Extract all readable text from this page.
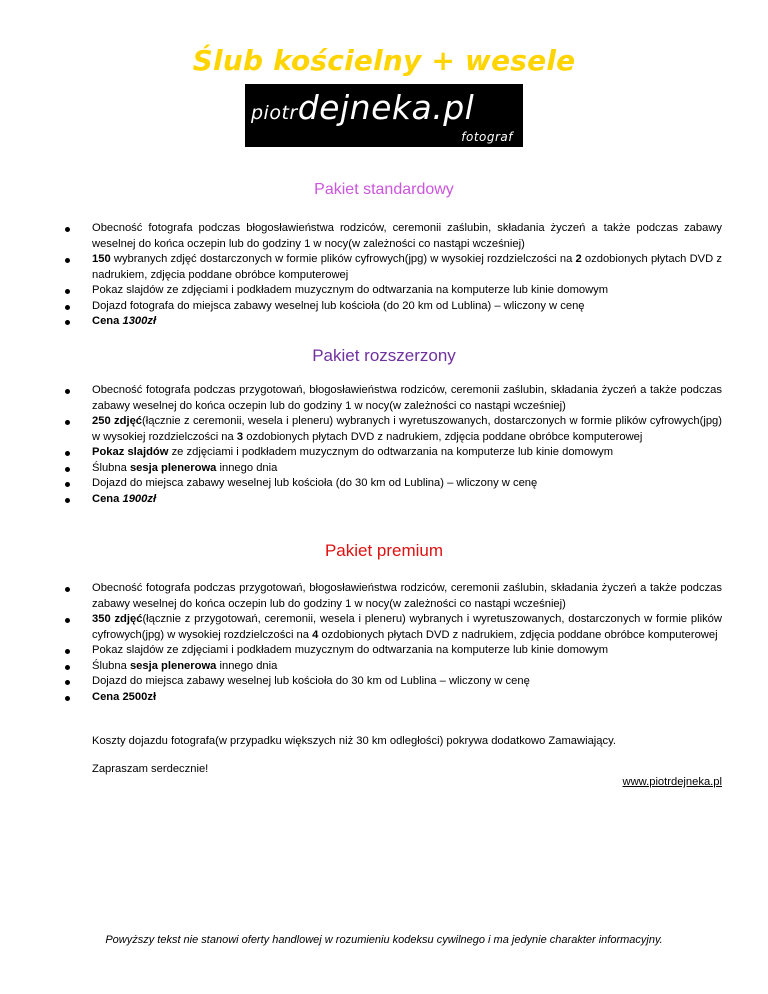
Ślub kościelny + wesele
piotrdejneka.pl
fotograf
Pakiet standardowy
Obecność fotografa podczas błogosławieństwa rodziców, ceremonii zaślubin, składania życzeń a także podczas zabawy weselnej do końca oczepin lub do godziny 1 w nocy(w zależności co nastąpi wcześniej)
150 wybranych zdjęć dostarczonych w formie plików cyfrowych(jpg) w wysokiej rozdzielczości na 2 ozdobionych płytach DVD z nadrukiem, zdjęcia poddane obróbce komputerowej
Pokaz slajdów ze zdjęciami i podkładem muzycznym do odtwarzania na komputerze lub kinie domowym
Dojazd fotografa do miejsca zabawy weselnej lub kościoła (do 20 km od Lublina) – wliczony w cenę
Cena 1300zł
Pakiet rozszerzony
Obecność fotografa podczas przygotowań, błogosławieństwa rodziców, ceremonii zaślubin, składania życzeń a także podczas zabawy weselnej do końca oczepin lub do godziny 1 w nocy(w zależności co nastąpi wcześniej)
250 zdjęć(łącznie z ceremonii, wesela i pleneru) wybranych i wyretuszowanych, dostarczonych w formie plików cyfrowych(jpg) w wysokiej rozdzielczości na 3 ozdobionych płytach DVD z nadrukiem, zdjęcia poddane obróbce komputerowej
Pokaz slajdów ze zdjęciami i podkładem muzycznym do odtwarzania na komputerze lub kinie domowym
Ślubna sesja plenerowa innego dnia
Dojazd do miejsca zabawy weselnej lub kościoła (do 30 km od Lublina) – wliczony w cenę
Cena 1900zł
Pakiet premium
Obecność fotografa podczas przygotowań, błogosławieństwa rodziców, ceremonii zaślubin, składania życzeń a także podczas zabawy weselnej do końca oczepin lub do godziny 1 w nocy(w zależności co nastąpi wcześniej)
350 zdjęć(łącznie z przygotowań, ceremonii, wesela i pleneru) wybranych i wyretuszowanych, dostarczonych w formie plików cyfrowych(jpg) w wysokiej rozdzielczości na 4 ozdobionych płytach DVD z nadrukiem, zdjęcia poddane obróbce komputerowej
Pokaz slajdów ze zdjęciami i podkładem muzycznym do odtwarzania na komputerze lub kinie domowym
Ślubna sesja plenerowa innego dnia
Dojazd do miejsca zabawy weselnej lub kościoła do 30 km od Lublina – wliczony w cenę
Cena 2500zł
Koszty dojazdu fotografa(w przypadku większych niż 30 km odległości) pokrywa dodatkowo Zamawiający.
Zapraszam serdecznie!
www.piotrdejneka.pl
Powyższy tekst nie stanowi oferty handlowej w rozumieniu kodeksu cywilnego i ma jedynie charakter informacyjny.
